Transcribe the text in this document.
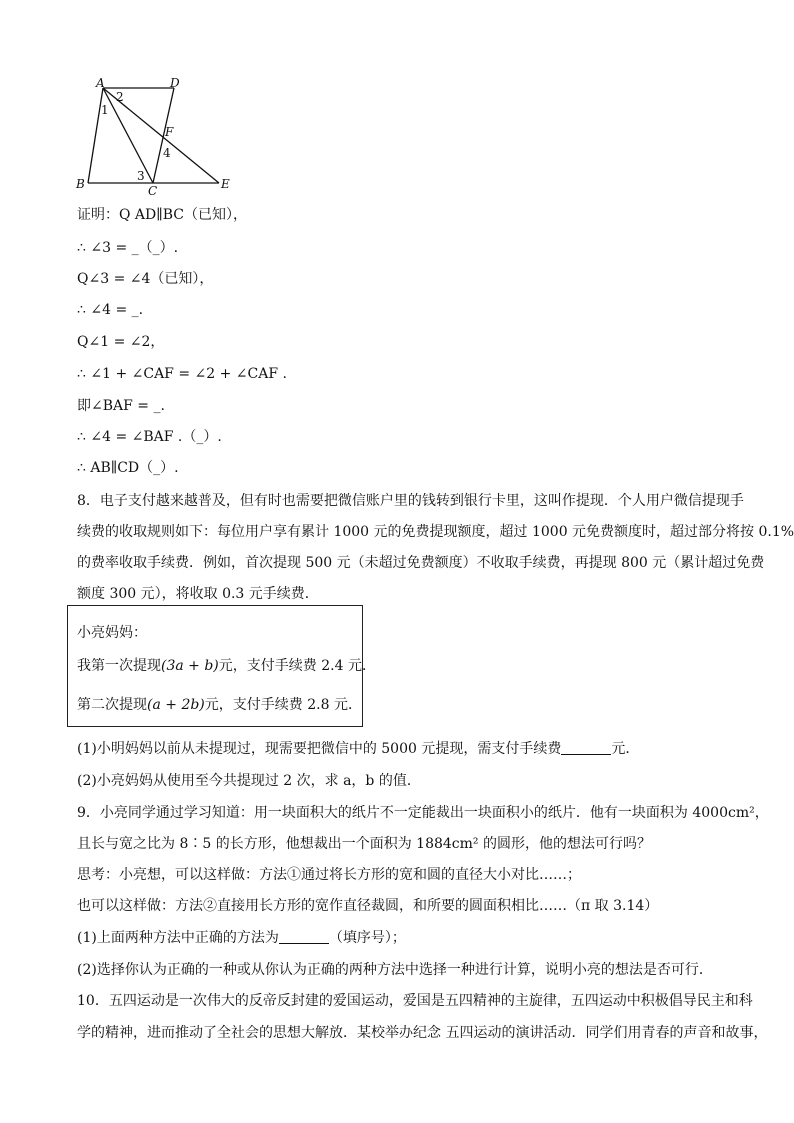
A	D
B	C	E
F
1
2
3
4
证明：Q AD∥BC（已知），
∴ ∠3 = _（_）.
Q∠3 = ∠4（已知），
∴ ∠4 = _.
Q∠1 = ∠2，
∴ ∠1 + ∠CAF = ∠2 + ∠CAF .
即∠BAF = _.
∴ ∠4 = ∠BAF .（_）.
∴ AB∥CD（_）.
8．电子支付越来越普及，但有时也需要把微信账户里的钱转到银行卡里，这叫作提现．个人用户微信提现手
续费的收取规则如下：每位用户享有累计 1000 元的免费提现额度，超过 1000 元免费额度时，超过部分将按 0.1%
的费率收取手续费．例如，首次提现 500 元（未超过免费额度）不收取手续费，再提现 800 元（累计超过免费
额度 300 元），将收取 0.3 元手续费．
小亮妈妈：
我第一次提现(3a + b)元，支付手续费 2.4 元．
第二次提现(a + 2b)元，支付手续费 2.8 元．
(1)小明妈妈以前从未提现过，现需要把微信中的 5000 元提现，需支付手续费	元．
(2)小亮妈妈从使用至今共提现过 2 次，求 a，b 的值．
9．小亮同学通过学习知道：用一块面积大的纸片不一定能裁出一块面积小的纸片．他有一块面积为 4000cm²，
且长与宽之比为 8∶5 的长方形，他想裁出一个面积为 1884cm² 的圆形，他的想法可行吗？
思考：小亮想，可以这样做：方法①通过将长方形的宽和圆的直径大小对比……；
也可以这样做：方法②直接用长方形的宽作直径裁圆，和所要的圆面积相比……（π 取 3.14）
(1)上面两种方法中正确的方法为	（填序号）；
(2)选择你认为正确的一种或从你认为正确的两种方法中选择一种进行计算，说明小亮的想法是否可行．
10．五四运动是一次伟大的反帝反封建的爱国运动，爱国是五四精神的主旋律，五四运动中积极倡导民主和科
学的精神，进而推动了全社会的思想大解放．某校举办纪念 五四运动的演讲活动．同学们用青春的声音和故事，
